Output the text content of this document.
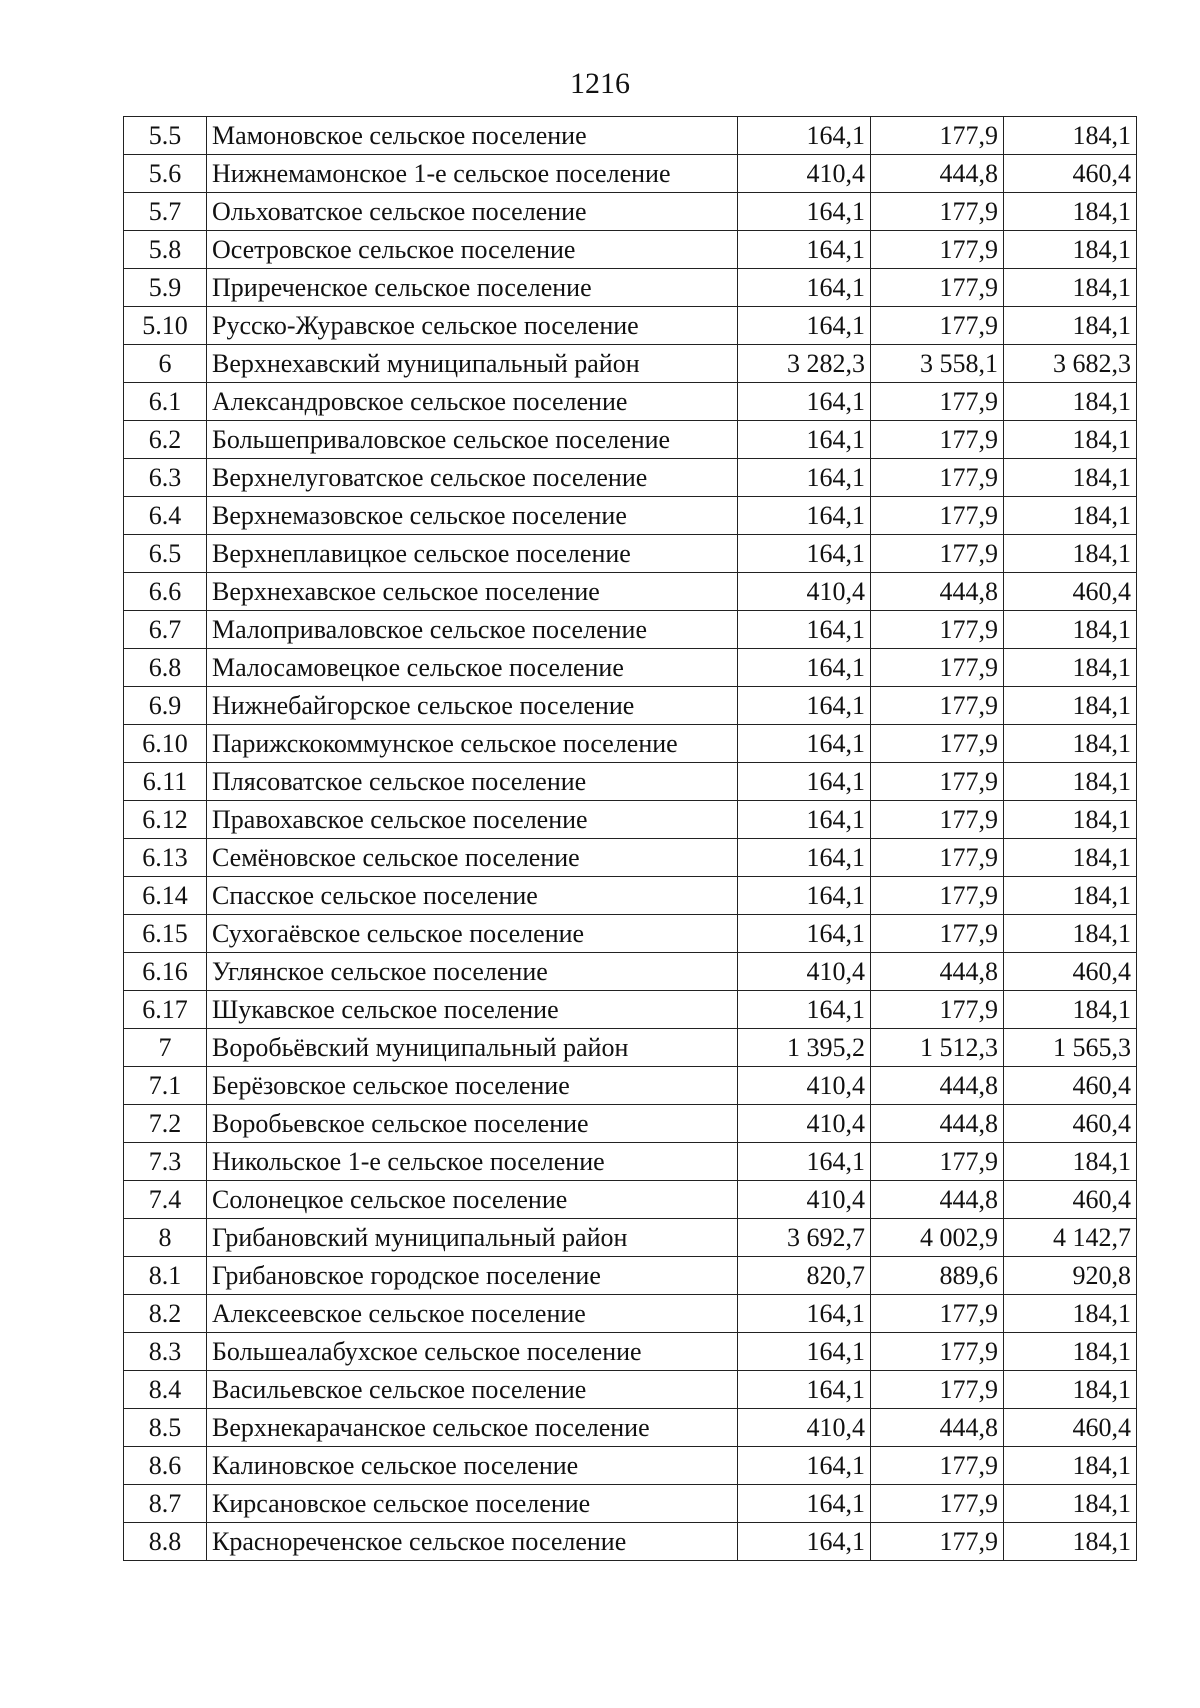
1216
5.5	Мамоновское сельское поселение	164,1	177,9	184,1
5.6	Нижнемамонское 1-е сельское поселение	410,4	444,8	460,4
5.7	Ольховатское сельское поселение	164,1	177,9	184,1
5.8	Осетровское сельское поселение	164,1	177,9	184,1
5.9	Приреченское сельское поселение	164,1	177,9	184,1
5.10	Русско-Журавское сельское поселение	164,1	177,9	184,1
6	Верхнехавский муниципальный район	3 282,3	3 558,1	3 682,3
6.1	Александровское сельское поселение	164,1	177,9	184,1
6.2	Большеприваловское сельское поселение	164,1	177,9	184,1
6.3	Верхнелуговатское сельское поселение	164,1	177,9	184,1
6.4	Верхнемазовское сельское поселение	164,1	177,9	184,1
6.5	Верхнеплавицкое сельское поселение	164,1	177,9	184,1
6.6	Верхнехавское сельское поселение	410,4	444,8	460,4
6.7	Малоприваловское сельское поселение	164,1	177,9	184,1
6.8	Малосамовецкое сельское поселение	164,1	177,9	184,1
6.9	Нижнебайгорское сельское поселение	164,1	177,9	184,1
6.10	Парижскокоммунское сельское поселение	164,1	177,9	184,1
6.11	Плясоватское сельское поселение	164,1	177,9	184,1
6.12	Правохавское сельское поселение	164,1	177,9	184,1
6.13	Семёновское сельское поселение	164,1	177,9	184,1
6.14	Спасское сельское поселение	164,1	177,9	184,1
6.15	Сухогаёвское сельское поселение	164,1	177,9	184,1
6.16	Углянское сельское поселение	410,4	444,8	460,4
6.17	Шукавское сельское поселение	164,1	177,9	184,1
7	Воробьёвский муниципальный район	1 395,2	1 512,3	1 565,3
7.1	Берёзовское сельское поселение	410,4	444,8	460,4
7.2	Воробьевское сельское поселение	410,4	444,8	460,4
7.3	Никольское 1-е сельское поселение	164,1	177,9	184,1
7.4	Солонецкое сельское поселение	410,4	444,8	460,4
8	Грибановский муниципальный район	3 692,7	4 002,9	4 142,7
8.1	Грибановское городское поселение	820,7	889,6	920,8
8.2	Алексеевское сельское поселение	164,1	177,9	184,1
8.3	Большеалабухское сельское поселение	164,1	177,9	184,1
8.4	Васильевское сельское поселение	164,1	177,9	184,1
8.5	Верхнекарачанское сельское поселение	410,4	444,8	460,4
8.6	Калиновское сельское поселение	164,1	177,9	184,1
8.7	Кирсановское сельское поселение	164,1	177,9	184,1
8.8	Краснореченское сельское поселение	164,1	177,9	184,1
